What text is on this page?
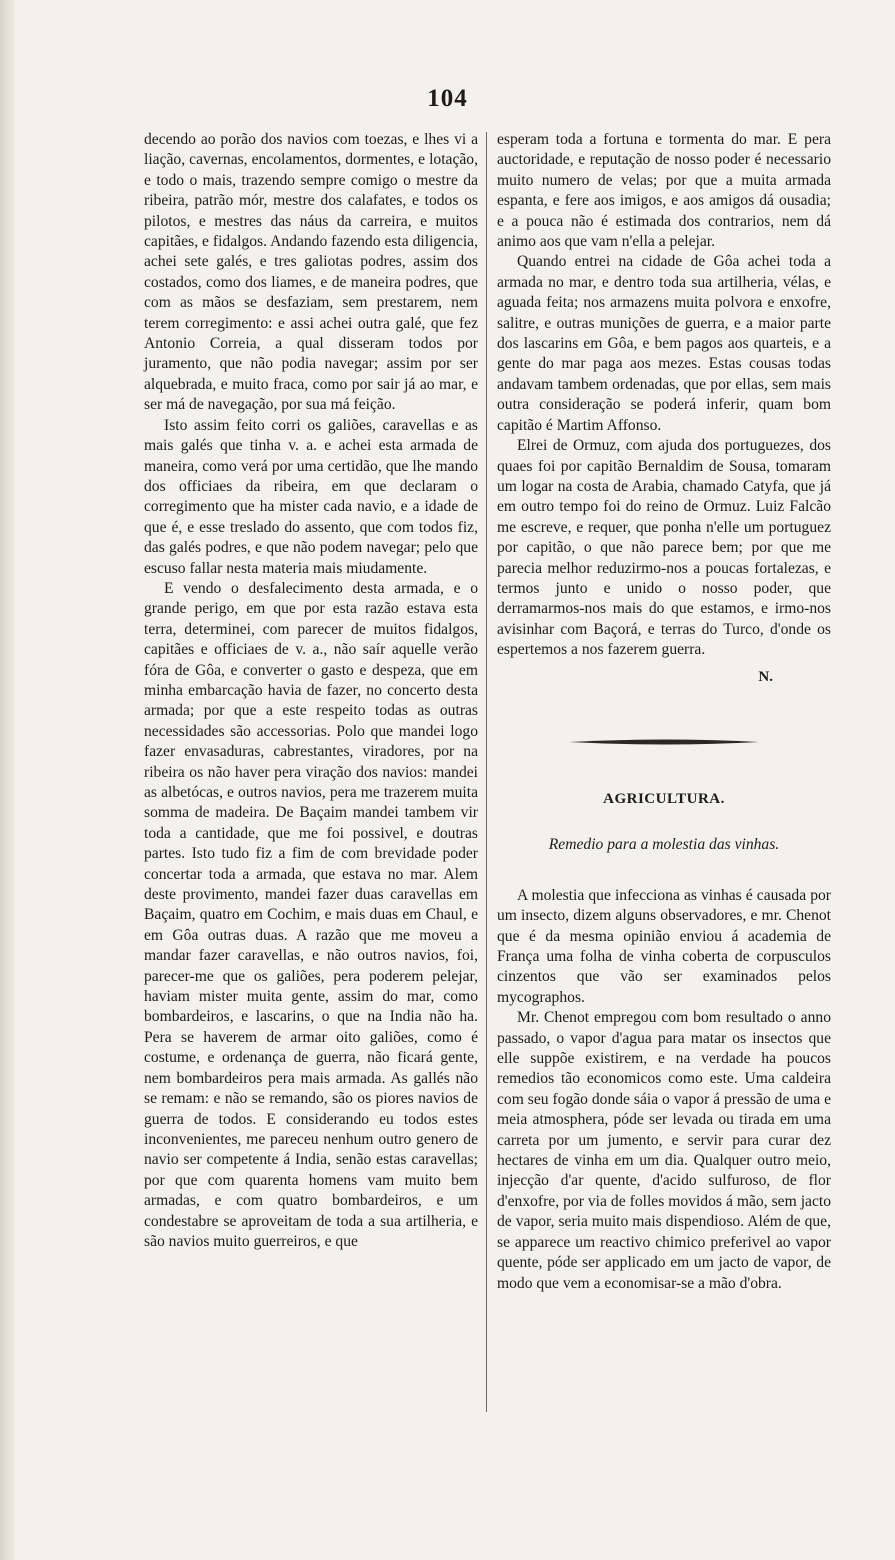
104

decendo ao porão dos navios com toezas, e lhes vi a liação, cavernas, encolamentos, dormentes, e lotação, e todo o mais, trazendo sempre comigo o mestre da ribeira, patrão mór, mestre dos calafates, e todos os pilotos, e mestres das náus da carreira, e muitos capitães, e fidalgos. Andando fazendo esta diligencia, achei sete galés, e tres galiotas podres, assim dos costados, como dos liames, e de maneira podres, que com as mãos se desfaziam, sem prestarem, nem terem corregimento: e assi achei outra galé, que fez Antonio Correia, a qual disseram todos por juramento, que não podia navegar; assim por ser alquebrada, e muito fraca, como por sair já ao mar, e ser má de navegação, por sua má feição.

Isto assim feito corri os galiões, caravellas e as mais galés que tinha v. a. e achei esta armada de maneira, como verá por uma certidão, que lhe mando dos officiaes da ribeira, em que declaram o corregimento que ha mister cada navio, e a idade de que é, e esse treslado do assento, que com todos fiz, das galés podres, e que não podem navegar; pelo que escuso fallar nesta materia mais miudamente.

E vendo o desfalecimento desta armada, e o grande perigo, em que por esta razão estava esta terra, determinei, com parecer de muitos fidalgos, capitães e officiaes de v. a., não saír aquelle verão fóra de Gôa, e converter o gasto e despeza, que em minha embarcação havia de fazer, no concerto desta armada; por que a este respeito todas as outras necessidades são accessorias. Polo que mandei logo fazer envasaduras, cabrestantes, viradores, por na ribeira os não haver pera viração dos navios: mandei as albetócas, e outros navios, pera me trazerem muita somma de madeira. De Baçaim mandei tambem vir toda a cantidade, que me foi possivel, e doutras partes. Isto tudo fiz a fim de com brevidade poder concertar toda a armada, que estava no mar. Alem deste provimento, mandei fazer duas caravellas em Baçaim, quatro em Cochim, e mais duas em Chaul, e em Gôa outras duas. A razão que me moveu a mandar fazer caravellas, e não outros navios, foi, parecer-me que os galiões, pera poderem pelejar, haviam mister muita gente, assim do mar, como bombardeiros, e lascarins, o que na India não ha. Pera se haverem de armar oito galiões, como é costume, e ordenança de guerra, não ficará gente, nem bombardeiros pera mais armada. As gallés não se remam: e não se remando, são os piores navios de guerra de todos. E considerando eu todos estes inconvenientes, me pareceu nenhum outro genero de navio ser competente á India, senão estas caravellas; por que com quarenta homens vam muito bem armadas, e com quatro bombardeiros, e um condestabre se aproveitam de toda a sua artilheria, e são navios muito guerreiros, e que

esperam toda a fortuna e tormenta do mar. E pera auctoridade, e reputação de nosso poder é necessario muito numero de velas; por que a muita armada espanta, e fere aos imigos, e aos amigos dá ousadia; e a pouca não é estimada dos contrarios, nem dá animo aos que vam n'ella a pelejar.

Quando entrei na cidade de Gôa achei toda a armada no mar, e dentro toda sua artilheria, vélas, e aguada feita; nos armazens muita polvora e enxofre, salitre, e outras munições de guerra, e a maior parte dos lascarins em Gôa, e bem pagos aos quarteis, e a gente do mar paga aos mezes. Estas cousas todas andavam tambem ordenadas, que por ellas, sem mais outra consideração se poderá inferir, quam bom capitão é Martim Affonso.

Elrei de Ormuz, com ajuda dos portuguezes, dos quaes foi por capitão Bernaldim de Sousa, tomaram um logar na costa de Arabia, chamado Catyfa, que já em outro tempo foi do reino de Ormuz. Luiz Falcão me escreve, e requer, que ponha n'elle um portuguez por capitão, o que não parece bem; por que me parecia melhor reduzirmo-nos a poucas fortalezas, e termos junto e unido o nosso poder, que derramarmos-nos mais do que estamos, e irmo-nos avisinhar com Baçorá, e terras do Turco, d'onde os espertemos a nos fazerem guerra.

N.
AGRICULTURA.
Remedio para a molestia das vinhas.

A molestia que infecciona as vinhas é causada por um insecto, dizem alguns observadores, e mr. Chenot que é da mesma opinião enviou á academia de França uma folha de vinha coberta de corpusculos cinzentos que vão ser examinados pelos mycographos.

Mr. Chenot empregou com bom resultado o anno passado, o vapor d'agua para matar os insectos que elle suppõe existirem, e na verdade ha poucos remedios tão economicos como este. Uma caldeira com seu fogão donde sáia o vapor á pressão de uma e meia atmosphera, póde ser levada ou tirada em uma carreta por um jumento, e servir para curar dez hectares de vinha em um dia. Qualquer outro meio, injecção d'ar quente, d'acido sulfuroso, de flor d'enxofre, por via de folles movidos á mão, sem jacto de vapor, seria muito mais dispendioso. Além de que, se apparece um reactivo chimico preferivel ao vapor quente, póde ser applicado em um jacto de vapor, de modo que vem a economisar-se a mão d'obra.
